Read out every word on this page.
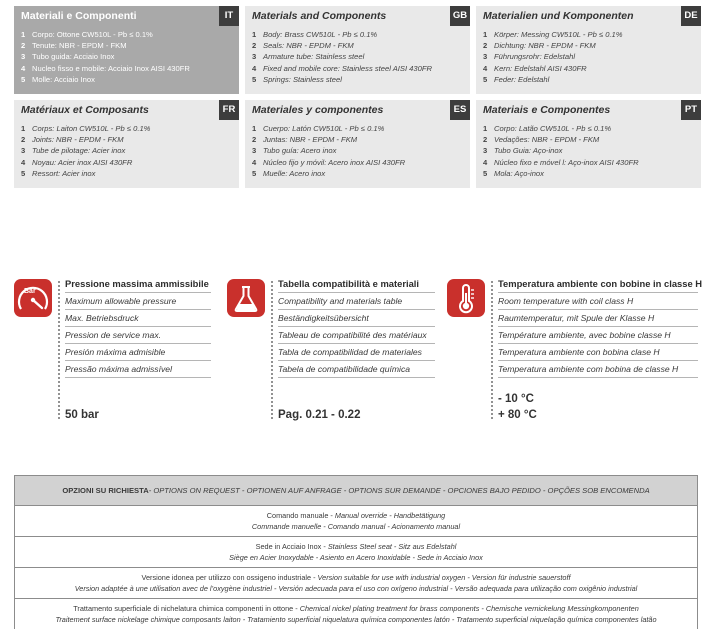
Materiali e Componenti	IT
1 Corpo: Ottone CW510L - Pb ≤ 0.1%
2 Tenute: NBR - EPDM - FKM
3 Tubo guida: Acciaio Inox
4 Nucleo fisso e mobile: Acciaio Inox AISI 430FR
5 Molle: Acciaio Inox
Materials and Components	GB
1 Body: Brass CW510L - Pb ≤ 0.1%
2 Seals: NBR - EPDM - FKM
3 Armature tube: Stainless steel
4 Fixed and mobile core: Stainless steel AISI 430FR
5 Springs: Stainless steel
Materialien und Komponenten	DE
1 Körper: Messing CW510L - Pb ≤ 0.1%
2 Dichtung: NBR - EPDM - FKM
3 Führungsrohr: Edelstahl
4 Kern: Edelstahl AISI 430FR
5 Feder: Edelstahl
Matériaux et Composants	FR
1 Corps: Laiton CW510L - Pb ≤ 0.1%
2 Joints: NBR - EPDM - FKM
3 Tube de pilotage: Acier inox
4 Noyau: Acier inox AISI 430FR
5 Ressort: Acier inox
Materiales y componentes	ES
1 Cuerpo: Latón CW510L - Pb ≤ 0.1%
2 Juntas: NBR - EPDM - FKM
3 Tubo guía: Acero inox
4 Núcleo fijo y móvil: Acero inox AISI 430FR
5 Muelle: Acero inox
Materiais e Componentes	PT
1 Corpo: Latão CW510L - Pb ≤ 0.1%
2 Vedações: NBR - EPDM - FKM
3 Tubo Guia: Aço-inox
4 Núcleo fixo e móvel l: Aço-inox AISI 430FR
5 Mola: Aço-inox
Bar
Pressione massima ammissibile
Maximum allowable pressure
Max. Betriebsdruck
Pression de service max.
Presión máxima admisible
Pressão máxima admissível
50 bar
Tabella compatibilità e materiali
Compatibility and materials table
Beständigkeitsübersicht
Tableau de compatibilité des matériaux
Tabla de compatibilidad de materiales
Tabela de compatibilidade química
Pag. 0.21 - 0.22
Temperatura ambiente con bobine in classe H
Room temperature with coil class H
Raumtemperatur, mit Spule der Klasse H
Température ambiente, avec bobine classe H
Temperatura ambiente con bobina clase H
Temperatura ambiente com bobina de classe H
- 10 °C
+ 80 °C
OPZIONI SU RICHIESTA - OPTIONS ON REQUEST - OPTIONEN AUF ANFRAGE - OPTIONS SUR DEMANDE - OPCIONES BAJO PEDIDO - OPÇÕES SOB ENCOMENDA
Comando manuale - Manual override - Handbetätigung
Commande manuelle - Comando manual - Acionamento manual
Sede in Acciaio Inox - Stainless Steel seat - Sitz aus Edelstahl
Siège en Acier Inoxydable - Asiento en Acero Inoxidable - Sede in Acciaio Inox
Versione idonea per utilizzo con ossigeno industriale - Version suitable for use with industrial oxygen - Version für industrie sauerstoff
Version adaptée à une utilisation avec de l’oxygène industriel - Versión adecuada para el uso con oxígeno industrial - Versão adequada para utilização com oxigênio industrial
Trattamento superficiale di nichelatura chimica componenti in ottone - Chemical nickel plating treatment for brass components - Chemische vernickelung Messingkomponenten
Traitement surface nickelage chimique composants laiton - Tratamiento superficial niquelatura química componentes latón - Tratamento superficial niquelação química componentes latão
